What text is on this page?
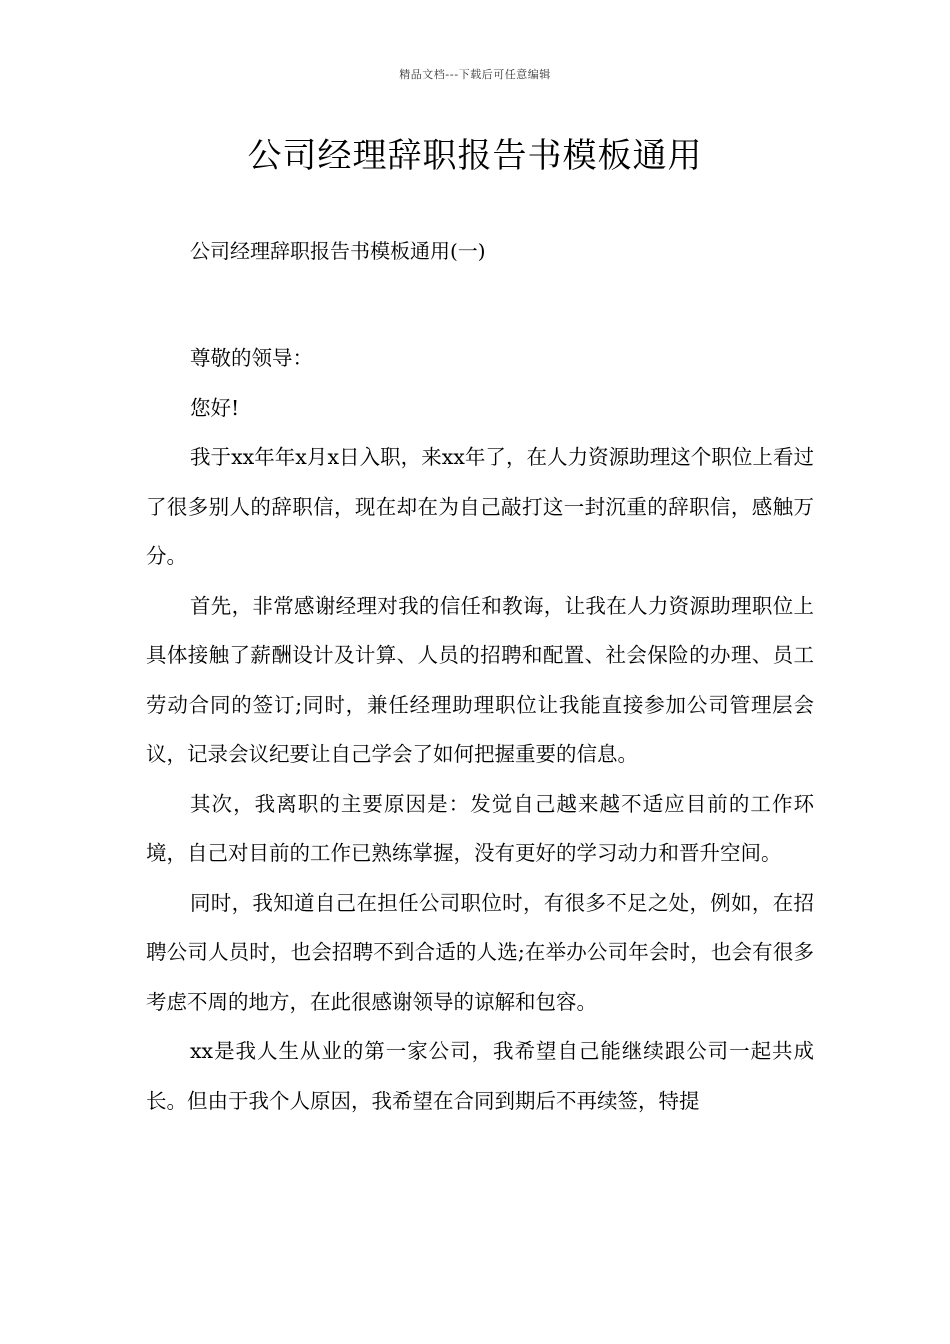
精品文档---下载后可任意编辑
公司经理辞职报告书模板通用
公司经理辞职报告书模板通用(一)

尊敬的领导：

您好!

我于xx年年x月x日入职，来xx年了，在人力资源助理这个职位上看过了很多别人的辞职信，现在却在为自己敲打这一封沉重的辞职信，感触万分。

首先，非常感谢经理对我的信任和教诲，让我在人力资源助理职位上具体接触了薪酬设计及计算、人员的招聘和配置、社会保险的办理、员工劳动合同的签订;同时，兼任经理助理职位让我能直接参加公司管理层会议，记录会议纪要让自己学会了如何把握重要的信息。

其次，我离职的主要原因是：发觉自己越来越不适应目前的工作环境，自己对目前的工作已熟练掌握，没有更好的学习动力和晋升空间。

同时，我知道自己在担任公司职位时，有很多不足之处，例如，在招聘公司人员时，也会招聘不到合适的人选;在举办公司年会时，也会有很多考虑不周的地方，在此很感谢领导的谅解和包容。

xx是我人生从业的第一家公司，我希望自己能继续跟公司一起共成长。但由于我个人原因，我希望在合同到期后不再续签，特提
